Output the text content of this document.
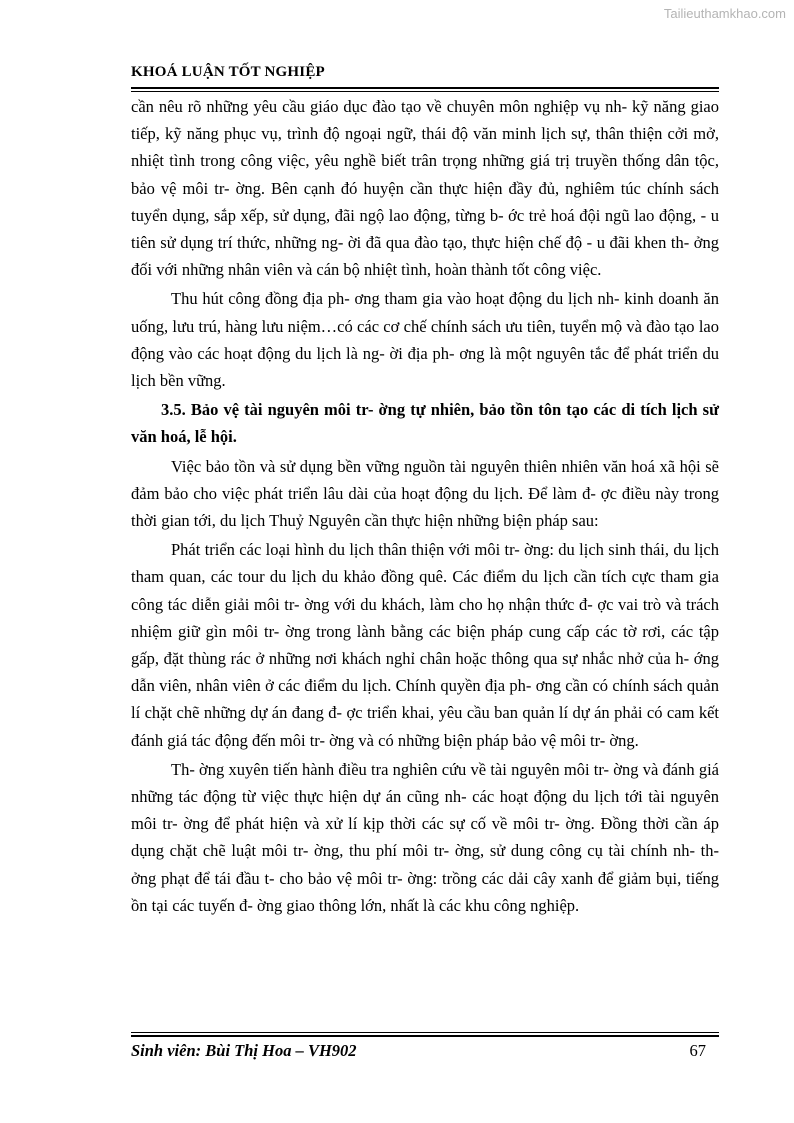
Tailieuthamkhao.com
KHOÁ LUẬN TỐT NGHIỆP

cần nêu rõ những yêu cầu giáo dục đào tạo về chuyên môn nghiệp vụ nh- kỹ năng giao tiếp, kỹ năng phục vụ, trình độ ngoại ngữ, thái độ văn minh lịch sự, thân thiện cởi mở, nhiệt tình trong công việc, yêu nghề biết trân trọng những giá trị truyền thống dân tộc, bảo vệ môi tr- ờng. Bên cạnh đó huyện cần thực hiện đầy đủ, nghiêm túc chính sách tuyển dụng, sắp xếp, sử dụng, đãi ngộ lao động, từng b- ớc trẻ hoá đội ngũ lao động, - u tiên sử dụng trí thức, những ng- ời đã qua đào tạo, thực hiện chế độ - u đãi khen th- ởng đối với những nhân viên và cán bộ nhiệt tình, hoàn thành tốt công việc.

Thu hút công đồng địa ph- ơng tham gia vào hoạt động du lịch nh- kinh doanh ăn uống, lưu trú, hàng lưu niệm…có các cơ chế chính sách ưu tiên, tuyển mộ và đào tạo lao động vào các hoạt động du lịch là ng- ời địa ph- ơng là một nguyên tắc để phát triển du lịch bền vững.

3.5. Bảo vệ tài nguyên môi tr- ờng tự nhiên, bảo tồn tôn tạo các di tích lịch sử văn hoá, lễ hội.

Việc bảo tồn và sử dụng bền vững nguồn tài nguyên thiên nhiên văn hoá xã hội sẽ đảm bảo cho việc phát triển lâu dài của hoạt động du lịch. Để làm đ- ợc điều này trong thời gian tới, du lịch Thuỷ Nguyên cần thực hiện những biện pháp sau:

Phát triển các loại hình du lịch thân thiện với môi tr- ờng: du lịch sinh thái, du lịch tham quan, các tour du lịch du khảo đồng quê. Các điểm du lịch cần tích cực tham gia công tác diễn giải môi tr- ờng với du khách, làm cho họ nhận thức đ- ợc vai trò và trách nhiệm giữ gìn môi tr- ờng trong lành bằng các biện pháp cung cấp các tờ rơi, các tập gấp, đặt thùng rác ở những nơi khách nghỉ chân hoặc thông qua sự nhắc nhở của h- ớng dẫn viên, nhân viên ở các điểm du lịch. Chính quyền địa ph- ơng cần có chính sách quản lí chặt chẽ những dự án đang đ- ợc triển khai, yêu cầu ban quản lí dự án phải có cam kết đánh giá tác động đến môi tr- ờng và có những biện pháp bảo vệ môi tr- ờng.

Th- ờng xuyên tiến hành điều tra nghiên cứu về tài nguyên môi tr- ờng và đánh giá những tác động từ việc thực hiện dự án cũng nh- các hoạt động du lịch tới tài nguyên môi tr- ờng để phát hiện và xử lí kịp thời các sự cố về môi tr- ờng. Đồng thời cần áp dụng chặt chẽ luật môi tr- ờng, thu phí môi tr- ờng, sử dung công cụ tài chính nh- th- ởng phạt để tái đầu t- cho bảo vệ môi tr- ờng: trồng các dải cây xanh để giảm bụi, tiếng ồn tại các tuyến đ- ờng giao thông lớn, nhất là các khu công nghiệp.

Sinh viên: Bùi Thị Hoa – VH902	67
